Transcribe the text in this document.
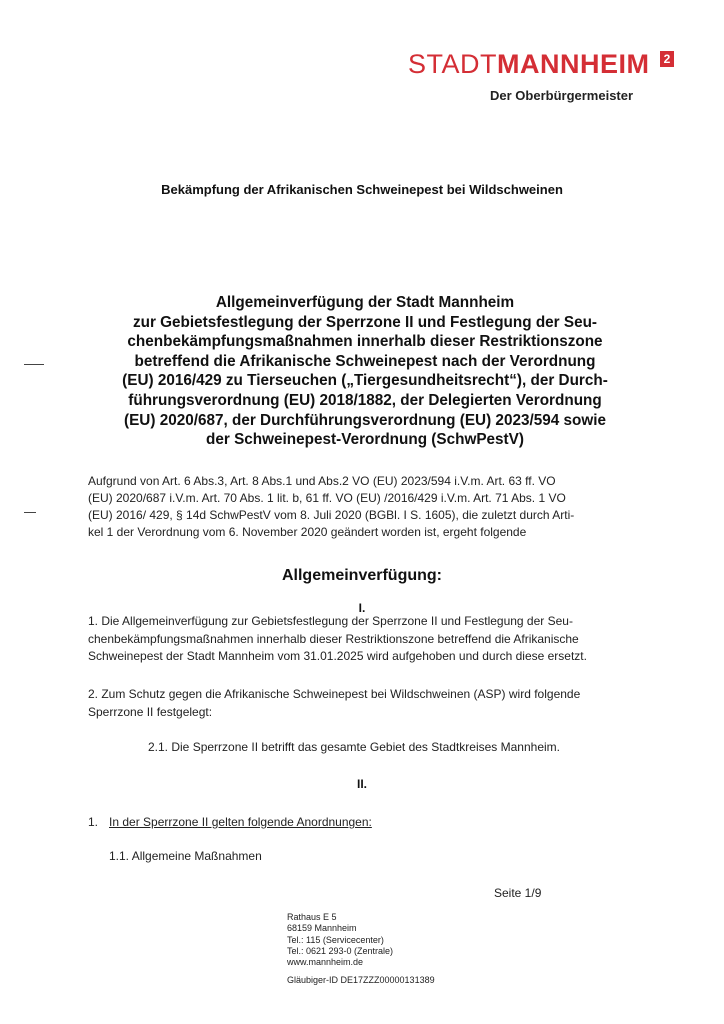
STADTMANNHEIM	2
Der Oberbürgermeister
Bekämpfung der Afrikanischen Schweinepest bei Wildschweinen
Allgemeinverfügung der Stadt Mannheim
zur Gebietsfestlegung der Sperrzone II und Festlegung der Seu-
chenbekämpfungsmaßnahmen innerhalb dieser Restriktionszone
betreffend die Afrikanische Schweinepest nach der Verordnung
(EU) 2016/429 zu Tierseuchen („Tiergesundheitsrecht“), der Durch-
führungsverordnung (EU) 2018/1882, der Delegierten Verordnung
(EU) 2020/687, der Durchführungsverordnung (EU) 2023/594 sowie
der Schweinepest-Verordnung (SchwPestV)
Aufgrund von Art. 6 Abs.3, Art. 8 Abs.1 und Abs.2 VO (EU) 2023/594 i.V.m. Art. 63 ff. VO
(EU) 2020/687 i.V.m. Art. 70 Abs. 1 lit. b, 61 ff. VO (EU) /2016/429 i.V.m. Art. 71 Abs. 1 VO
(EU) 2016/ 429, § 14d SchwPestV vom 8. Juli 2020 (BGBl. I S. 1605), die zuletzt durch Arti-
kel 1 der Verordnung vom 6. November 2020 geändert worden ist, ergeht folgende
Allgemeinverfügung:
I.
1. Die Allgemeinverfügung zur Gebietsfestlegung der Sperrzone II und Festlegung der Seu-
chenbekämpfungsmaßnahmen innerhalb dieser Restriktionszone betreffend die Afrikanische
Schweinepest der Stadt Mannheim vom 31.01.2025 wird aufgehoben und durch diese ersetzt.
2. Zum Schutz gegen die Afrikanische Schweinepest bei Wildschweinen (ASP) wird folgende
Sperrzone II festgelegt:
2.1. Die Sperrzone II betrifft das gesamte Gebiet des Stadtkreises Mannheim.
II.
1. In der Sperrzone II gelten folgende Anordnungen:
1.1. Allgemeine Maßnahmen
Seite 1/9
Rathaus E 5
68159 Mannheim
Tel.: 115 (Servicecenter)
Tel.: 0621 293-0 (Zentrale)
www.mannheim.de
Gläubiger-ID DE17ZZZ00000131389
